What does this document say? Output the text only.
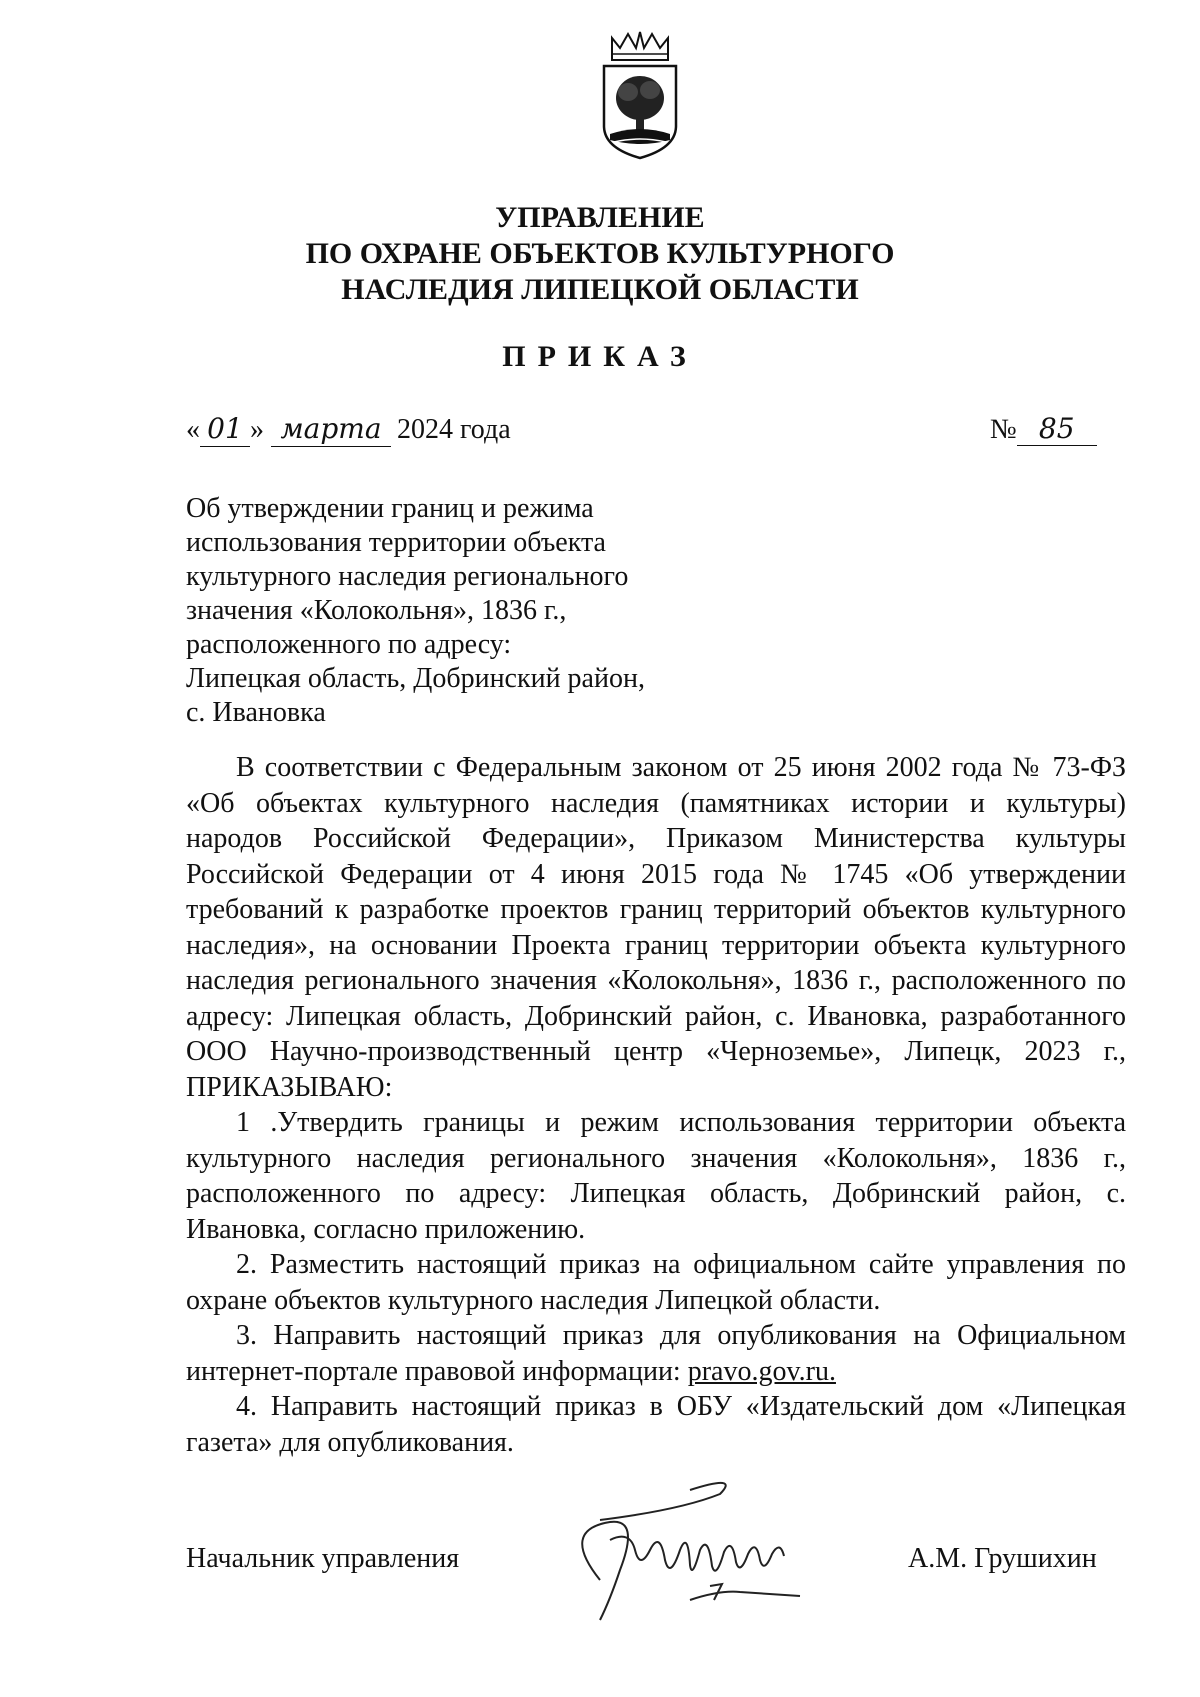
УПРАВЛЕНИЕ
ПО ОХРАНЕ ОБЪЕКТОВ КУЛЬТУРНОГО
НАСЛЕДИЯ ЛИПЕЦКОЙ ОБЛАСТИ
ПРИКАЗ
« 01 » марта 2024 года	№ 85
Об утверждении границ и режима
использования территории объекта
культурного наследия регионального
значения «Колокольня», 1836 г.,
расположенного по адресу:
Липецкая область, Добринский район,
с. Ивановка

В соответствии с Федеральным законом от 25 июня 2002 года № 73-ФЗ «Об объектах культурного наследия (памятниках истории и культуры) народов Российской Федерации», Приказом Министерства культуры Российской Федерации от 4 июня 2015 года № 1745 «Об утверждении требований к разработке проектов границ территорий объектов культурного наследия», на основании Проекта границ территории объекта культурного наследия регионального значения «Колокольня», 1836 г., расположенного по адресу: Липецкая область, Добринский район, с. Ивановка, разработанного ООО Научно-производственный центр «Черноземье», Липецк, 2023 г., ПРИКАЗЫВАЮ:

1 .Утвердить границы и режим использования территории объекта культурного наследия регионального значения «Колокольня», 1836 г., расположенного по адресу: Липецкая область, Добринский район, с. Ивановка, согласно приложению.

2. Разместить настоящий приказ на официальном сайте управления по охране объектов культурного наследия Липецкой области.

3. Направить настоящий приказ для опубликования на Официальном интернет-портале правовой информации: pravo.gov.ru.

4. Направить настоящий приказ в ОБУ «Издательский дом «Липецкая газета» для опубликования.

Начальник управления	А.М. Грушихин
